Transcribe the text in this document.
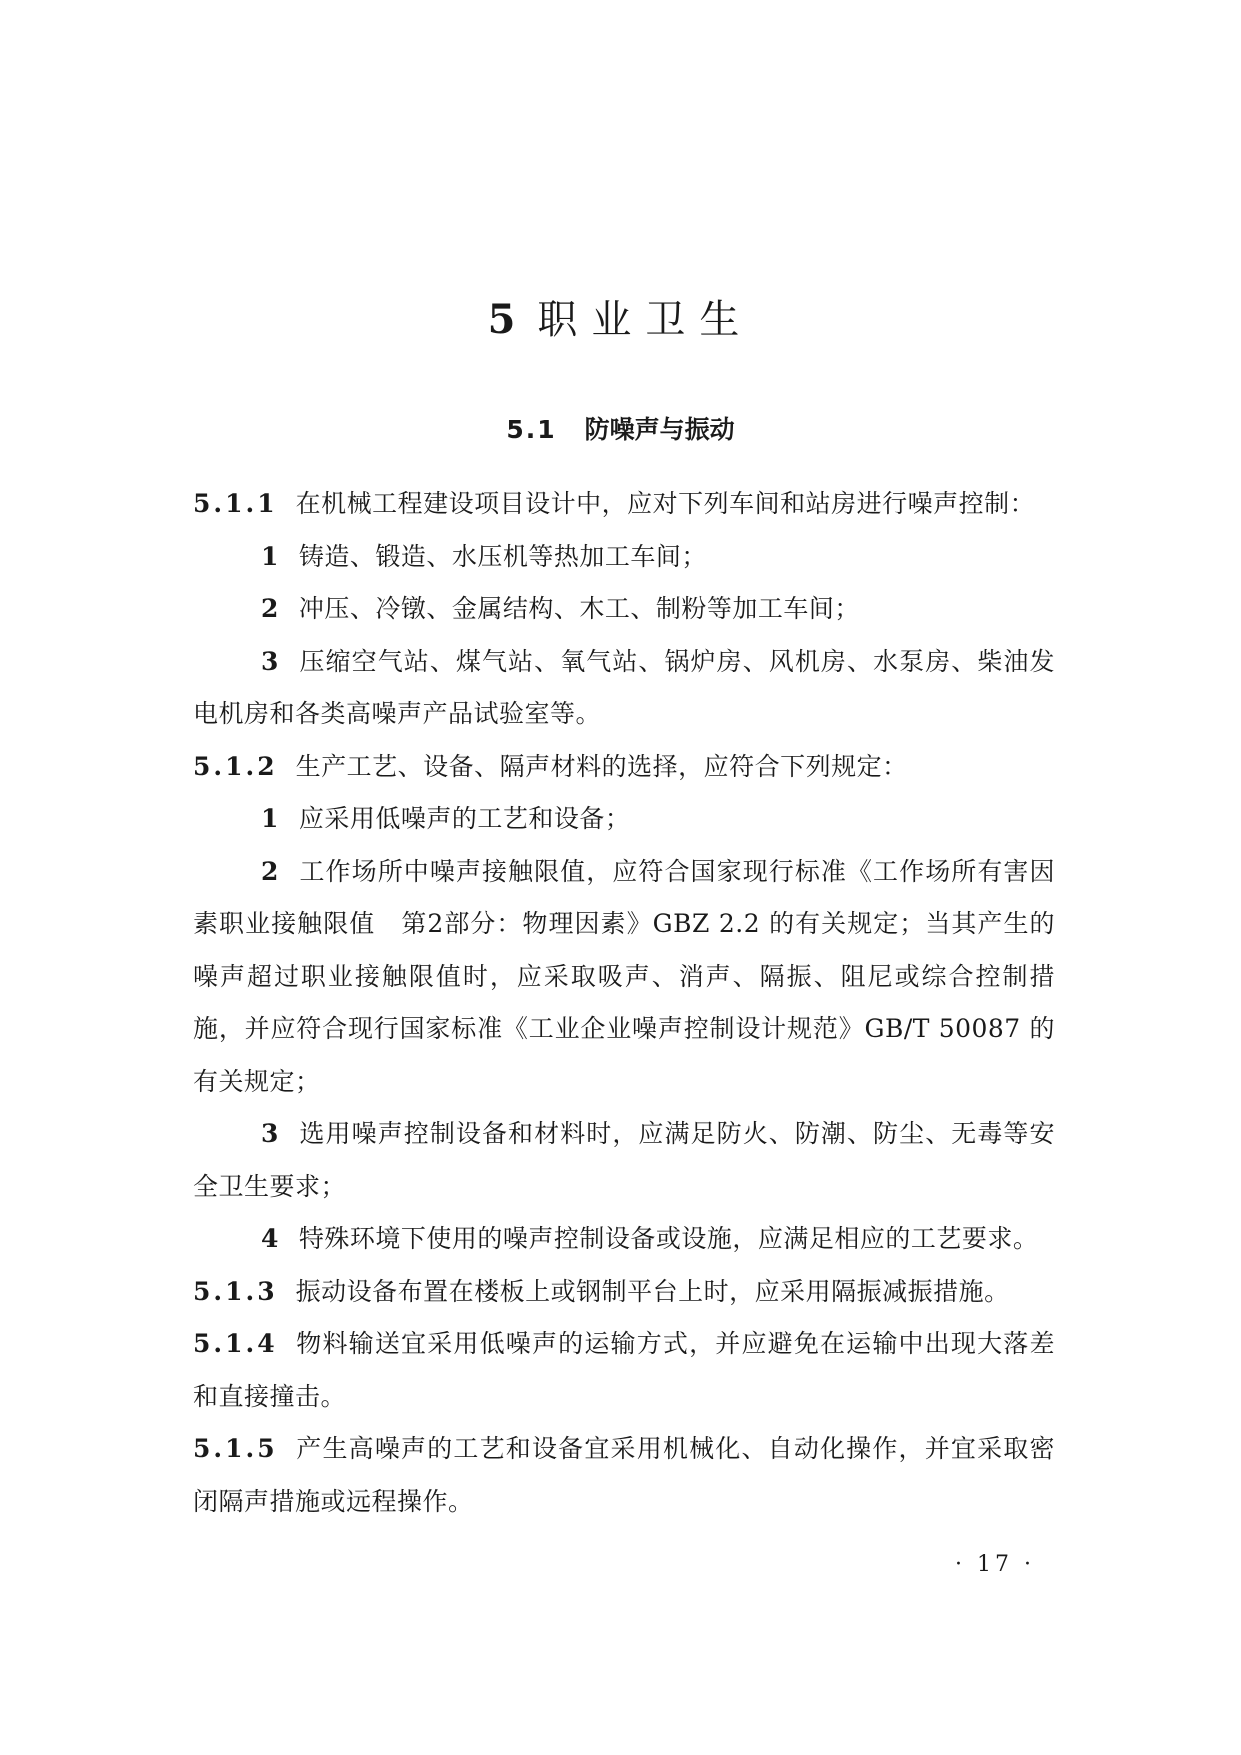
5 职业卫生
5.1 防噪声与振动

5.1.1 在机械工程建设项目设计中，应对下列车间和站房进行噪声控制：

1 铸造、锻造、水压机等热加工车间；

2 冲压、冷镦、金属结构、木工、制粉等加工车间；

3 压缩空气站、煤气站、氧气站、锅炉房、风机房、水泵房、柴油发电机房和各类高噪声产品试验室等。

5.1.2 生产工艺、设备、隔声材料的选择，应符合下列规定：

1 应采用低噪声的工艺和设备；

2 工作场所中噪声接触限值，应符合国家现行标准《工作场所有害因素职业接触限值　第2部分：物理因素》GBZ 2.2 的有关规定；当其产生的噪声超过职业接触限值时，应采取吸声、消声、隔振、阻尼或综合控制措施，并应符合现行国家标准《工业企业噪声控制设计规范》GB/T 50087 的有关规定；

3 选用噪声控制设备和材料时，应满足防火、防潮、防尘、无毒等安全卫生要求；

4 特殊环境下使用的噪声控制设备或设施，应满足相应的工艺要求。

5.1.3 振动设备布置在楼板上或钢制平台上时，应采用隔振减振措施。

5.1.4 物料输送宜采用低噪声的运输方式，并应避免在运输中出现大落差和直接撞击。

5.1.5 产生高噪声的工艺和设备宜采用机械化、自动化操作，并宜采取密闭隔声措施或远程操作。

· 17 ·
